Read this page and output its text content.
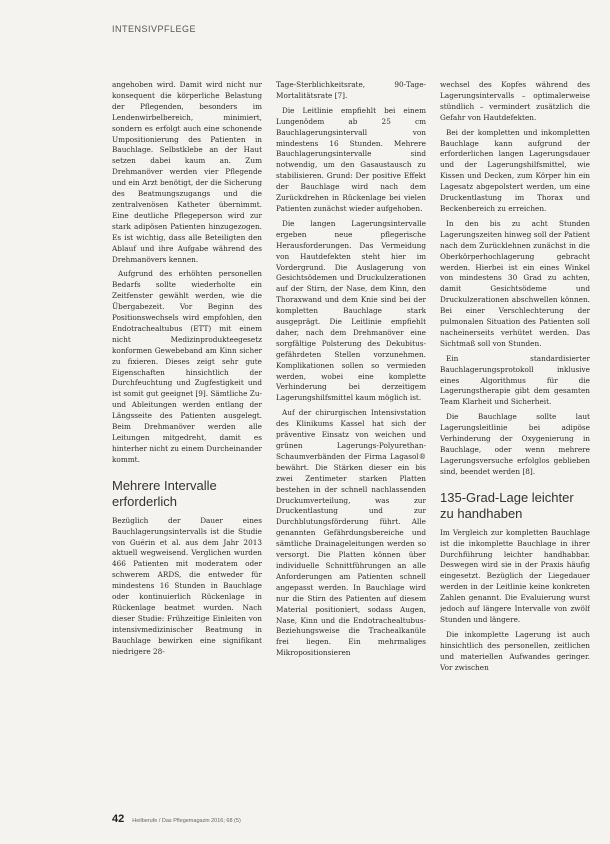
INTENSIVPFLEGE

angehoben wird. Damit wird nicht nur konsequent die körperliche Belastung der Pflegenden, besonders im Lendenwirbelbereich, minimiert, sondern es erfolgt auch eine schonende Umpositionierung des Patienten in Bauchlage. Selbstklebe an der Haut setzen dabei kaum an. Zum Drehmanöver werden vier Pflegende und ein Arzt benötigt, der die Sicherung des Beatmungszugangs und die zentralvenösen Katheter übernimmt. Eine deutliche Pflegeperson wird zur stark adipösen Patienten hinzugezogen. Es ist wichtig, dass alle Beteiligten den Ablauf und ihre Aufgabe während des Drehmanövers kennen.

Aufgrund des erhöhten personellen Bedarfs sollte wiederholte ein Zeitfenster gewählt werden, wie die Übergabezeit. Vor Beginn des Positionswechsels wird empfohlen, den Endotrachealtubus (ETT) mit einem nicht Medizinprodukteegesetz konformen Gewebeband am Kinn sicher zu fixieren. Dieses zeigt sehr gute Eigenschaften hinsichtlich der Durchfeuchtung und Zugfestigkeit und ist somit gut geeignet [9]. Sämtliche Zu- und Ableitungen werden entlang der Längsseite des Patienten ausgelegt. Beim Drehmanöver werden alle Leitungen mitgedreht, damit es hinterher nicht zu einem Durcheinander kommt.

Mehrere Intervalle erforderlich

Bezüglich der Dauer eines Bauchlagerungsintervalls ist die Studie von Guérin et al. aus dem Jahr 2013 aktuell wegweisend. Verglichen wurden 466 Patienten mit moderatem oder schwerem ARDS, die entweder für mindestens 16 Stunden in Bauchlage oder kontinuierlich Rückenlage in Rückenlage beatmet wurden. Nach dieser Studie: Frühzeitige Einleiten von intensivmedizinischer Beatmung in Bauchlage bewirken eine signifikant niedrigere 28-

Tage-Sterblichkeitsrate, 90-Tage-Mortalitätsrate [7].

Die Leitlinie empfiehlt bei einem Lungenödem ab 25 cm Bauchlagerungsintervall von mindestens 16 Stunden. Mehrere Bauchlagerungsintervalle sind notwendig, um den Gasaustausch zu stabilisieren. Grund: Der positive Effekt der Bauchlage wird nach dem Zurückdrehen in Rückenlage bei vielen Patienten zunächst wieder aufgehoben.

Die langen Lagerungsintervalle ergeben neue pflegerische Herausforderungen. Das Vermeidung von Hautdefekten steht hier im Vordergrund. Die Auslagerung von Gesichtsödemen und Druckulzerationen auf der Stirn, der Nase, dem Kinn, den Thoraxwand und dem Knie sind bei der kompletten Bauchlage stark ausgeprägt. Die Leitlinie empfiehlt daher, nach dem Drehmanöver eine sorgfältige Polsterung des Dekubitus-gefährdeten Stellen vorzunehmen. Komplikationen sollen so vermieden werden, wobei eine komplette Verhinderung bei derzeitigem Lagerungshilfsmittel kaum möglich ist.

Auf der chirurgischen Intensivstation des Klinikums Kassel hat sich der präventive Einsatz von weichen und grünen Lagerungs-Polyurethan-Schaumverbänden der Firma Lagasol® bewährt. Die Stärken dieser ein bis zwei Zentimeter starken Platten bestehen in der schnell nachlassenden Druckumverteilung, was zur Druckentlastung und zur Durchblutungsförderung führt. Alle genannten Gefährdungsbereiche und sämtliche Drainageleitungen werden so versorgt. Die Platten können über individuelle Schnittführungen an alle Anforderungen am Patienten schnell angepasst werden. In Bauchlage wird nur die Stirn des Patienten auf diesem Material positioniert, sodass Augen, Nase, Kinn und die Endotrachealtubus-Beziehungsweise die Trachealkanüle frei liegen. Ein mehrmaliges Mikropositionsieren

wechsel des Kopfes während des Lagerungsintervalls – optimalerweise stündlich – vermindert zusätzlich die Gefahr von Hautdefekten.

Bei der kompletten und inkompletten Bauchlage kann aufgrund der erforderlichen langen Lagerungsdauer und der Lagerungshilfsmittel, wie Kissen und Decken, zum Körper hin ein Lagesatz abgepolstert werden, um eine Druckentlastung im Thorax und Beckenbereich zu erreichen.

In den bis zu acht Stunden Lagerungszeiten hinweg soll der Patient nach dem Zurücklehnen zunächst in die Oberkörperhochlagerung gebracht werden. Hierbei ist ein eines Winkel von mindestens 30 Grad zu achten, damit Gesichtsödeme und Druckulzerationen abschwellen können. Bei einer Verschlechterung der pulmonalen Situation des Patienten soll nacheinerseits verhütet werden. Das Sichtmaß soll von Stunden.

Ein standardisierter Bauchlagerungsprotokoll inklusive eines Algorithmus für die Lagerungstherapie gibt dem gesamten Team Klarheit und Sicherheit.

Die Bauchlage sollte laut Lagerungsleitlinie bei adipöse Verhinderung der Oxygenierung in Bauchlage, oder wenn mehrere Lagerungsversuche erfolglos geblieben sind, beendet werden [8].

135-Grad-Lage leichter zu handhaben

Im Vergleich zur kompletten Bauchlage ist die inkomplette Bauchlage in ihrer Durchführung leichter handhabbar. Deswegen wird sie in der Praxis häufig eingesetzt. Bezüglich der Liegedauer werden in der Leitlinie keine konkreten Zahlen genannt. Die Evaluierung wurst jedoch auf längere Intervalle von zwölf Stunden und längere.

Die inkomplette Lagerung ist auch hinsichtlich des personellen, zeitlichen und materiellen Aufwandes geringer. Vor zwischen

42 Heilberufe / Das Pflegemagazin 2016; 68 (5)
